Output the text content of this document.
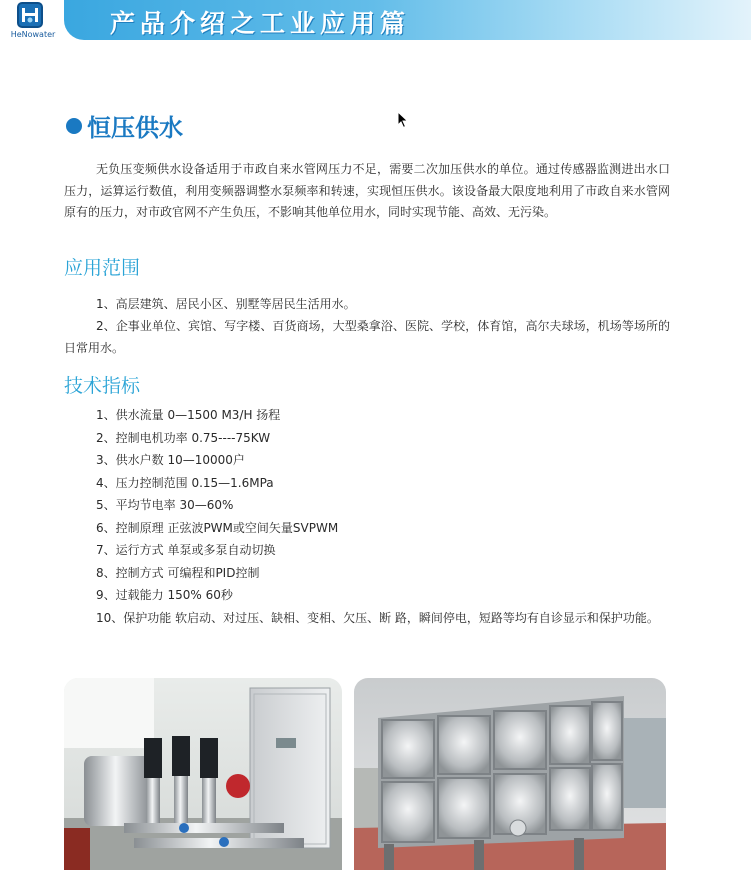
HeNowater 产品介绍之工业应用篇
恒压供水

无负压变频供水设备适用于市政自来水管网压力不足，需要二次加压供水的单位。通过传感器监测进出水口压力，运算运行数值，利用变频器调整水泵频率和转速，实现恒压供水。该设备最大限度地利用了市政自来水管网原有的压力，对市政官网不产生负压，不影响其他单位用水，同时实现节能、高效、无污染。

应用范围
1、高层建筑、居民小区、别墅等居民生活用水。
2、企事业单位、宾馆、写字楼、百货商场，大型桑拿浴、医院、学校，体育馆，高尔夫球场，机场等场所的日常用水。
技术指标
1、供水流量 0—1500 M3/H 扬程
2、控制电机功率 0.75----75KW
3、供水户数 10—10000户
4、压力控制范围 0.15—1.6MPa
5、平均节电率 30—60%
6、控制原理 正弦波PWM或空间矢量SVPWM
7、运行方式 单泵或多泵自动切换
8、控制方式 可编程和PID控制
9、过载能力 150% 60秒
10、保护功能 软启动、对过压、缺相、变相、欠压、断 路，瞬间停电，短路等均有自诊显示和保护功能。
